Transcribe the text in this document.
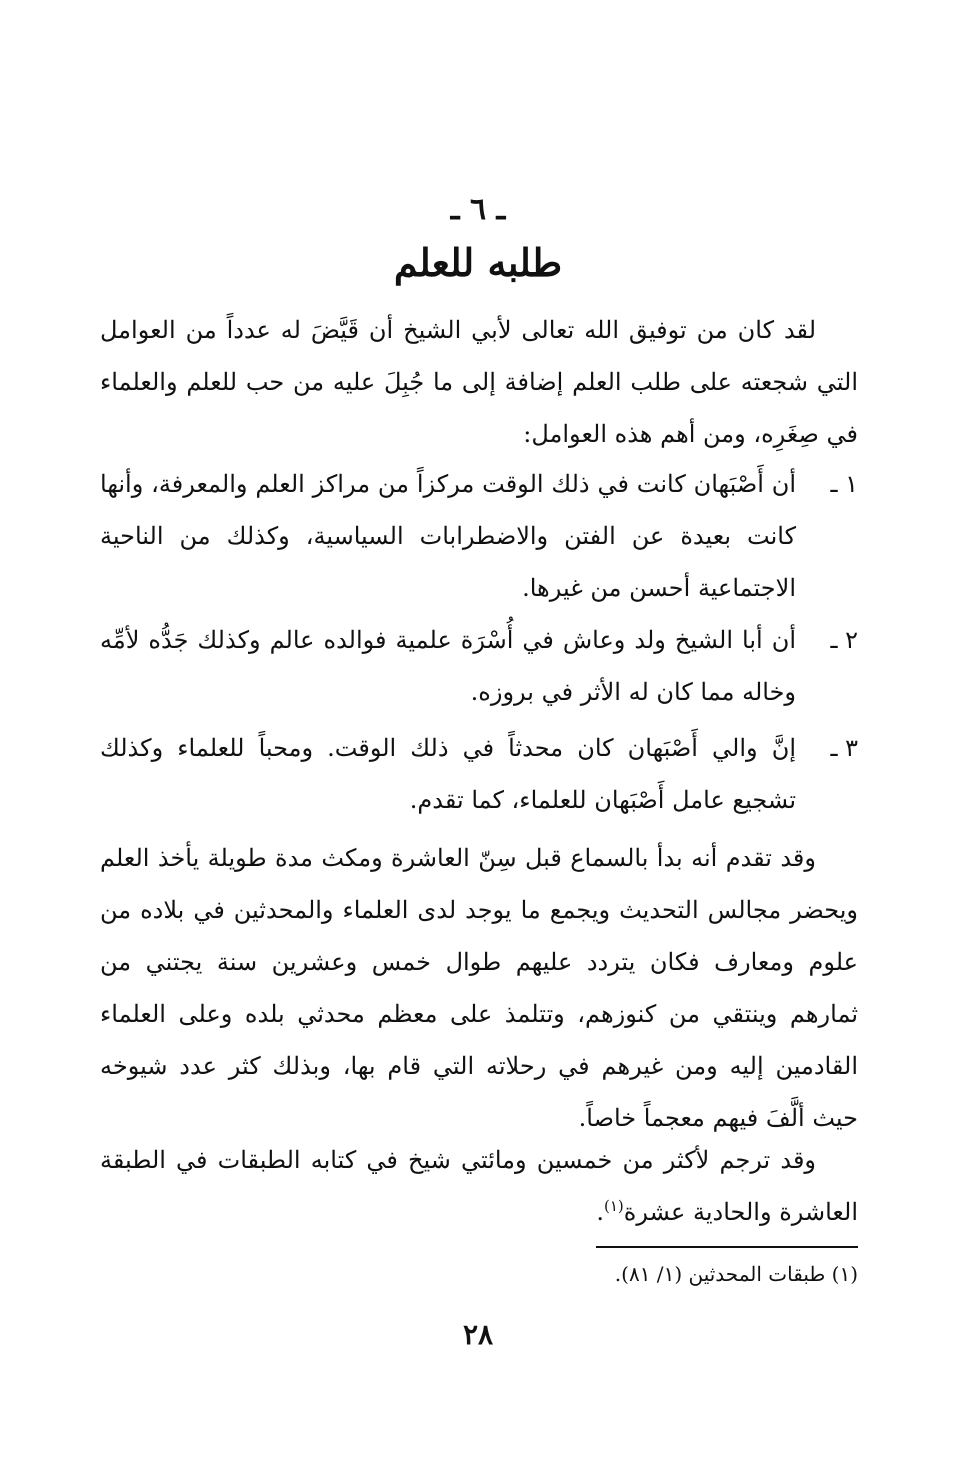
ـ ٦ ـ
طلبه للعلم
لقد كان من توفيق الله تعالى لأبي الشيخ أن قَيَّضَ له عدداً من العوامل التي شجعته على طلب العلم إضافة إلى ما جُبِلَ عليه من حب للعلم والعلماء في صِغَرِه، ومن أهم هذه العوامل:
١ ـ
أن أَصْبَهان كانت في ذلك الوقت مركزاً من مراكز العلم والمعرفة، وأنها كانت بعيدة عن الفتن والاضطرابات السياسية، وكذلك من الناحية الاجتماعية أحسن من غيرها.
٢ ـ
أن أبا الشيخ ولد وعاش في أُسْرَة علمية فوالده عالم وكذلك جَدُّه لأمِّه وخاله مما كان له الأثر في بروزه.
٣ ـ
إنَّ والي أَصْبَهان كان محدثاً في ذلك الوقت. ومحباً للعلماء وكذلك تشجيع عامل أَصْبَهان للعلماء، كما تقدم.
وقد تقدم أنه بدأ بالسماع قبل سِنّ العاشرة ومكث مدة طويلة يأخذ العلم ويحضر مجالس التحديث ويجمع ما يوجد لدى العلماء والمحدثين في بلاده من علوم ومعارف فكان يتردد عليهم طوال خمس وعشرين سنة يجتني من ثمارهم وينتقي من كنوزهم، وتتلمذ على معظم محدثي بلده وعلى العلماء القادمين إليه ومن غيرهم في رحلاته التي قام بها، وبذلك كثر عدد شيوخه حيث ألَّفَ فيهم معجماً خاصاً.
وقد ترجم لأكثر من خمسين ومائتي شيخ في كتابه الطبقات في الطبقة العاشرة والحادية عشرة$^{(١)}$.
(١) طبقات المحدثين (١/ ٨١).
٢٨
